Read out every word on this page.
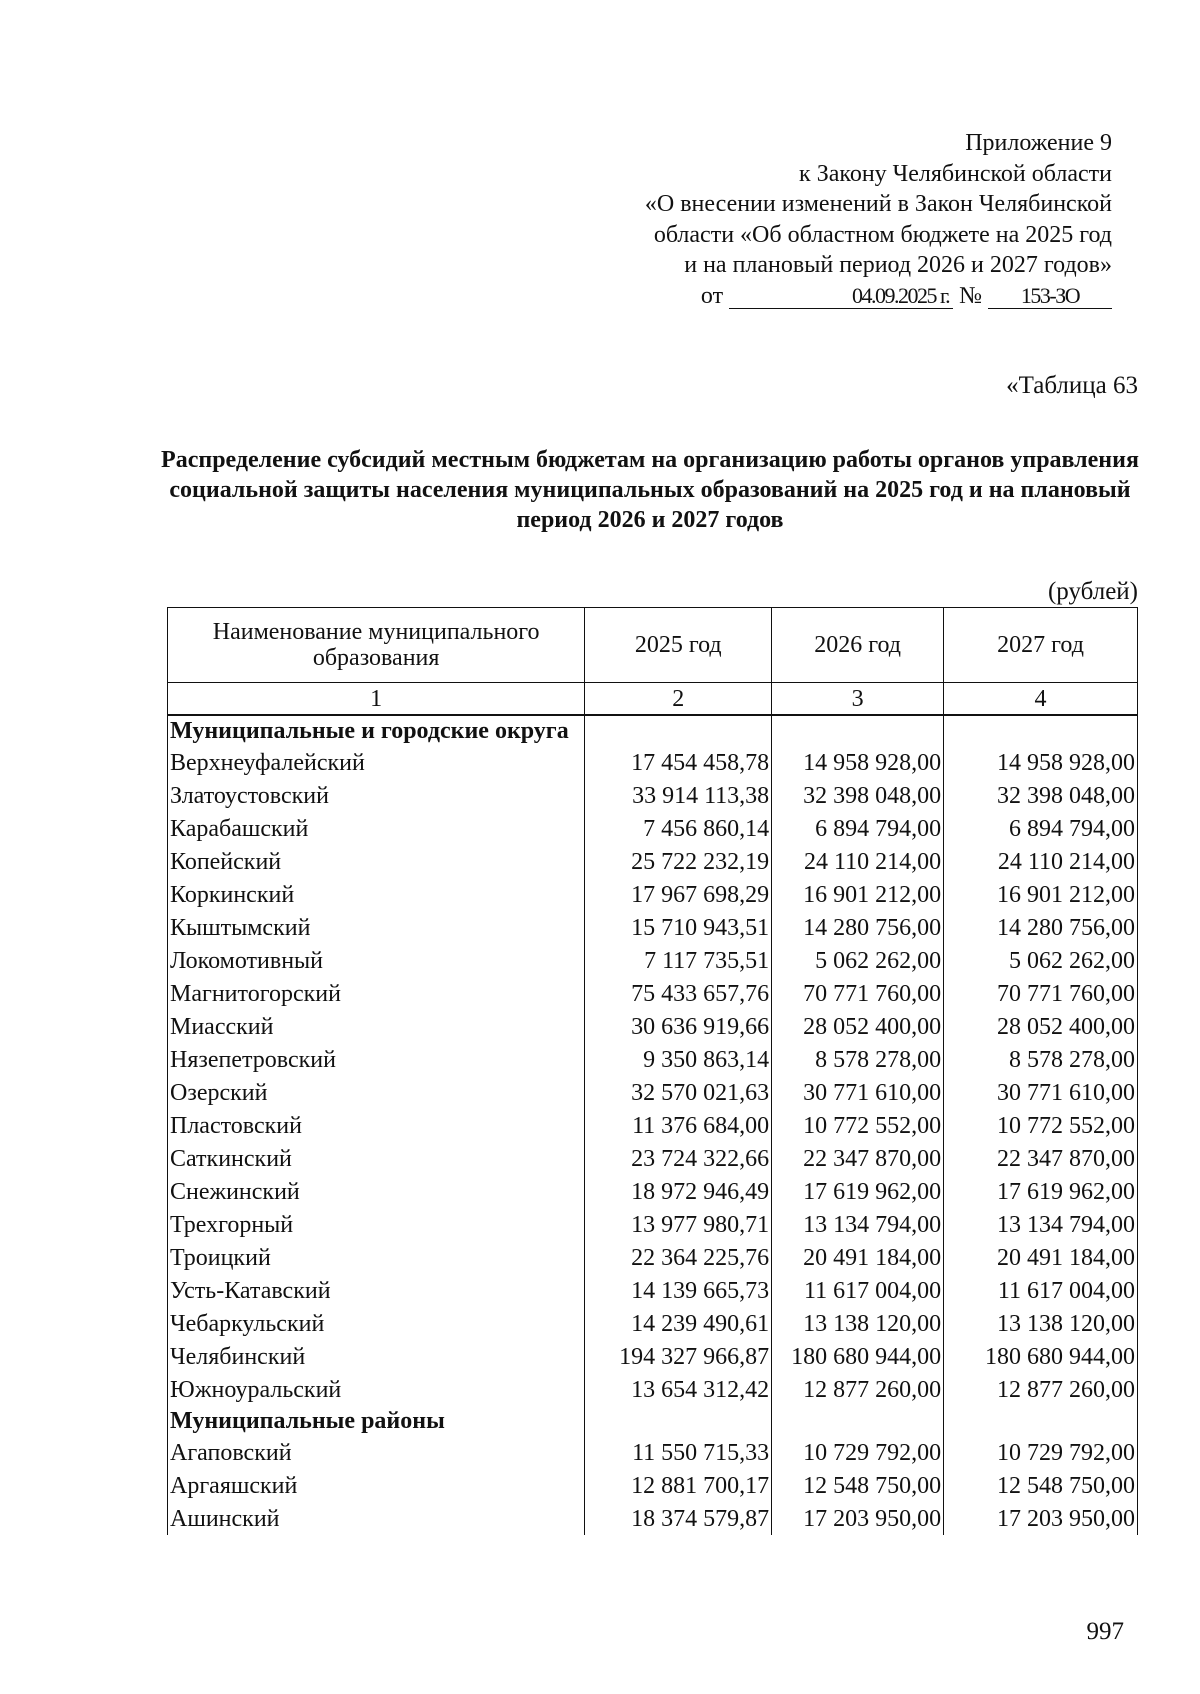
Приложение 9
к Закону Челябинской области
«О внесении изменений в Закон Челябинской
области «Об областном бюджете на 2025 год
и на плановый период 2026 и 2027 годов»
от	04.09.2025 г. № 153-ЗО
«Таблица 63
Распределение субсидий местным бюджетам на организацию работы органов управления социальной защиты населения муниципальных образований на 2025 год и на плановый период 2026 и 2027 годов
(рублей)
Наименование муниципального образования	2025 год	2026 год	2027 год
1	2	3	4
Муниципальные и городские округа			
Верхнеуфалейский	17 454 458,78	14 958 928,00	14 958 928,00
Златоустовский	33 914 113,38	32 398 048,00	32 398 048,00
Карабашский	7 456 860,14	6 894 794,00	6 894 794,00
Копейский	25 722 232,19	24 110 214,00	24 110 214,00
Коркинский	17 967 698,29	16 901 212,00	16 901 212,00
Кыштымский	15 710 943,51	14 280 756,00	14 280 756,00
Локомотивный	7 117 735,51	5 062 262,00	5 062 262,00
Магнитогорский	75 433 657,76	70 771 760,00	70 771 760,00
Миасский	30 636 919,66	28 052 400,00	28 052 400,00
Нязепетровский	9 350 863,14	8 578 278,00	8 578 278,00
Озерский	32 570 021,63	30 771 610,00	30 771 610,00
Пластовский	11 376 684,00	10 772 552,00	10 772 552,00
Саткинский	23 724 322,66	22 347 870,00	22 347 870,00
Снежинский	18 972 946,49	17 619 962,00	17 619 962,00
Трехгорный	13 977 980,71	13 134 794,00	13 134 794,00
Троицкий	22 364 225,76	20 491 184,00	20 491 184,00
Усть-Катавский	14 139 665,73	11 617 004,00	11 617 004,00
Чебаркульский	14 239 490,61	13 138 120,00	13 138 120,00
Челябинский	194 327 966,87	180 680 944,00	180 680 944,00
Южноуральский	13 654 312,42	12 877 260,00	12 877 260,00
Муниципальные районы			
Агаповский	11 550 715,33	10 729 792,00	10 729 792,00
Аргаяшский	12 881 700,17	12 548 750,00	12 548 750,00
Ашинский	18 374 579,87	17 203 950,00	17 203 950,00
997
